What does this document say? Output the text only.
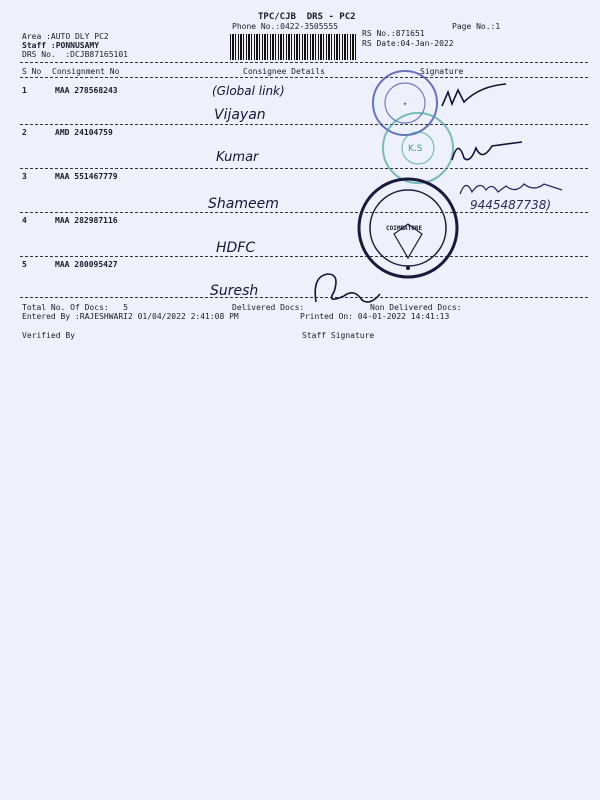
TPC/CJB  DRS - PC2
Phone No.:0422-3505555	Page No.:1
Area :AUTO DLY PC2
Staff :PONNUSAMY
DRS No.  :DCJB87165101
RS No.:871651
RS Date:04-Jan-2022
S No Consignment No	Consignee Details	Signature
1	MAA 278568243	(Global link)
Vijayan
2	AMD 24104759
Kumar
3	MAA 551467779
Shameem	9445487738)
4	MAA 282987116
HDFC
5	MAA 280095427
Suresh
Total No. Of Docs:   5	Delivered Docs:	Non Delivered Docs:
Entered By :RAJESHWARI2 01/04/2022 2:41:08 PM	Printed On: 04-01-2022 14:41:13
Verified By	Staff Signature
✦
K.S
COIMBATORE
